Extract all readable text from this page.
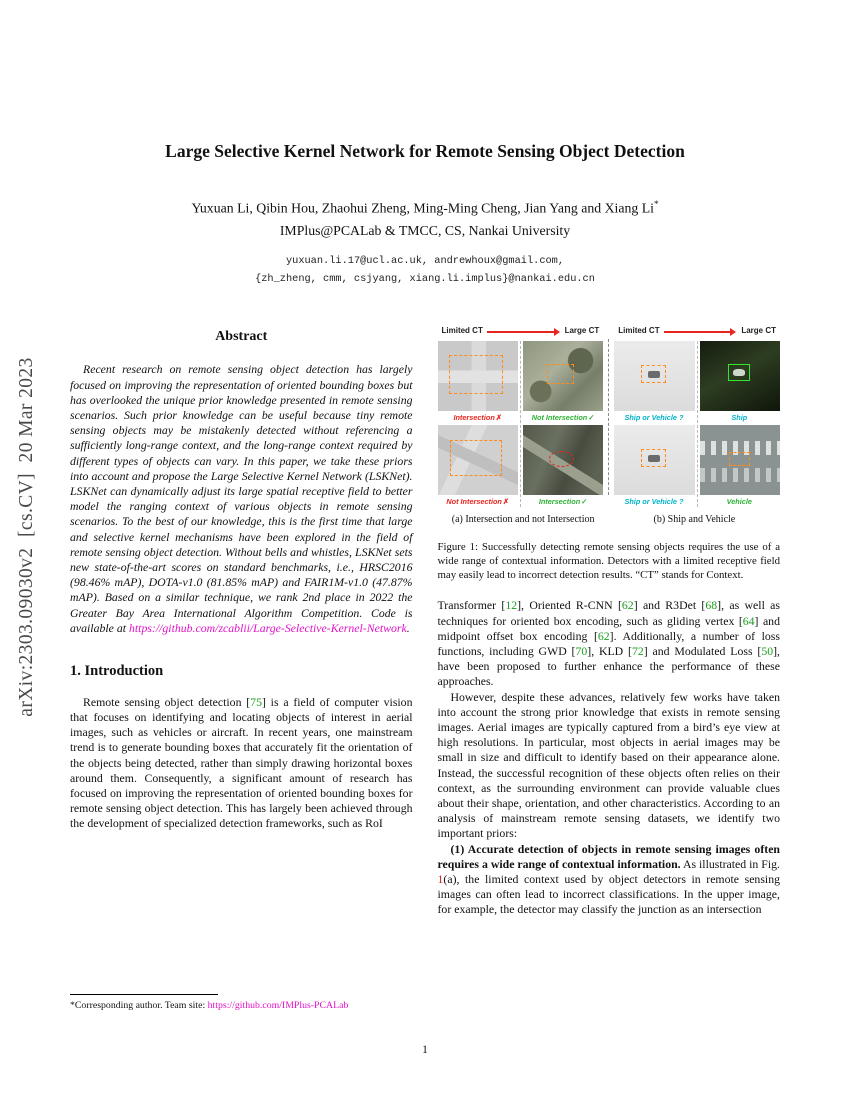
arXiv:2303.09030v2  [cs.CV]  20 Mar 2023
Large Selective Kernel Network for Remote Sensing Object Detection
Yuxuan Li, Qibin Hou, Zhaohui Zheng, Ming-Ming Cheng, Jian Yang and Xiang Li*
IMPlus@PCALab & TMCC, CS, Nankai University
yuxuan.li.17@ucl.ac.uk, andrewhoux@gmail.com,
{zh_zheng, cmm, csjyang, xiang.li.implus}@nankai.edu.cn
Abstract

Recent research on remote sensing object detection has largely focused on improving the representation of oriented bounding boxes but has overlooked the unique prior knowledge presented in remote sensing scenarios. Such prior knowledge can be useful because tiny remote sensing objects may be mistakenly detected without referencing a sufficiently long-range context, and the long-range context required by different types of objects can vary. In this paper, we take these priors into account and propose the Large Selective Kernel Network (LSKNet). LSKNet can dynamically adjust its large spatial receptive field to better model the ranging context of various objects in remote sensing scenarios. To the best of our knowledge, this is the first time that large and selective kernel mechanisms have been explored in the field of remote sensing object detection. Without bells and whistles, LSKNet sets new state-of-the-art scores on standard benchmarks, i.e., HRSC2016 (98.46% mAP), DOTA-v1.0 (81.85% mAP) and FAIR1M-v1.0 (47.87% mAP). Based on a similar technique, we rank 2nd place in 2022 the Greater Bay Area International Algorithm Competition. Code is available at https://github.com/zcablii/Large-Selective-Kernel-Network.

1. Introduction

Remote sensing object detection [75] is a field of computer vision that focuses on identifying and locating objects of interest in aerial images, such as vehicles or aircraft. In recent years, one mainstream trend is to generate bounding boxes that accurately fit the orientation of the objects being detected, rather than simply drawing horizontal boxes around them. Consequently, a significant amount of research has focused on improving the representation of oriented bounding boxes for remote sensing object detection. This has largely been achieved through the development of specialized detection frameworks, such as RoI

*Corresponding author. Team site: https://github.com/IMPlus-PCALab
Limited CT	Large CT
Intersection✗	Not Intersection✓
Not Intersection✗	Intersection✓
Limited CT	Large CT
Ship or Vehicle ?	Ship
Ship or Vehicle ?	Vehicle
(a) Intersection and not Intersection	(b) Ship and Vehicle
Figure 1: Successfully detecting remote sensing objects requires the use of a wide range of contextual information. Detectors with a limited receptive field may easily lead to incorrect detection results. “CT” stands for Context.

Transformer [12], Oriented R-CNN [62] and R3Det [68], as well as techniques for oriented box encoding, such as gliding vertex [64] and midpoint offset box encoding [62]. Additionally, a number of loss functions, including GWD [70], KLD [72] and Modulated Loss [50], have been proposed to further enhance the performance of these approaches.

However, despite these advances, relatively few works have taken into account the strong prior knowledge that exists in remote sensing images. Aerial images are typically captured from a bird’s eye view at high resolutions. In particular, most objects in aerial images may be small in size and difficult to identify based on their appearance alone. Instead, the successful recognition of these objects often relies on their context, as the surrounding environment can provide valuable clues about their shape, orientation, and other characteristics. According to an analysis of mainstream remote sensing datasets, we identify two important priors:

(1) Accurate detection of objects in remote sensing images often requires a wide range of contextual information. As illustrated in Fig. 1(a), the limited context used by object detectors in remote sensing images can often lead to incorrect classifications. In the upper image, for example, the detector may classify the junction as an intersection

1
